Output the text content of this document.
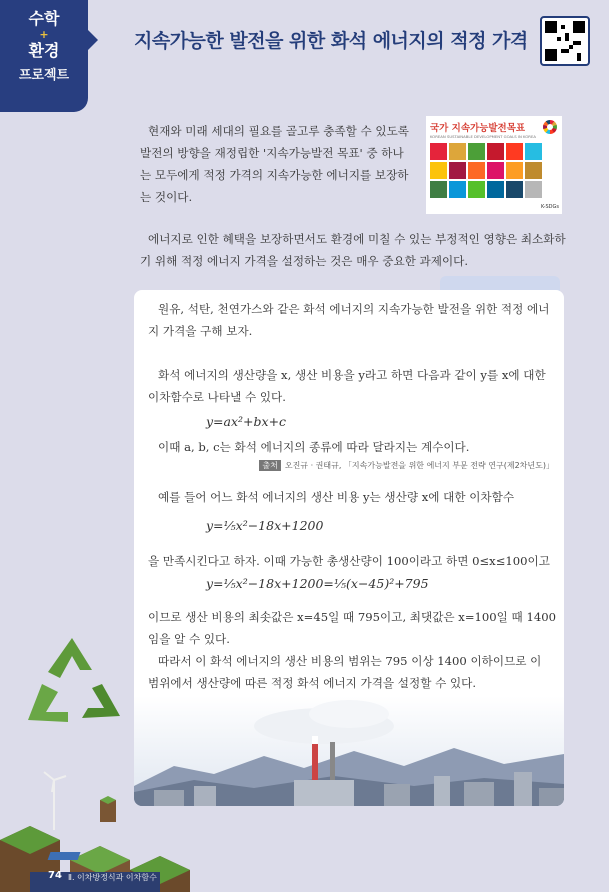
수학
+
환경
프로젝트
지속가능한 발전을 위한 화석 에너지의 적정 가격
현재와 미래 세대의 필요를 골고루 충족할 수 있도록 발전의 방향을 재정립한 '지속가능발전 목표' 중 하나는 모두에게 적정 가격의 지속가능한 에너지를 보장하는 것이다.
국가 지속가능발전목표
KOREAN SUSTAINABLE DEVELOPMENT GOALS IN KOREA
K-SDGs
에너지로 인한 혜택을 보장하면서도 환경에 미칠 수 있는 부정적인 영향은 최소화하기 위해 적정 에너지 가격을 설정하는 것은 매우 중요한 과제이다.
원유, 석탄, 천연가스와 같은 화석 에너지의 지속가능한 발전을 위한 적정 에너지 가격을 구해 보자.
화석 에너지의 생산량을 x, 생산 비용을 y라고 하면 다음과 같이 y를 x에 대한 이차함수로 나타낼 수 있다.
y=ax²+bx+c
이때 a, b, c는 화석 에너지의 종류에 따라 달라지는 계수이다.
출처 오진규 · 권태규, 「지속가능발전을 위한 에너지 부문 전략 연구(제2차년도)」
예를 들어 어느 화석 에너지의 생산 비용 y는 생산량 x에 대한 이차함수
y=⅕x²−18x+1200
을 만족시킨다고 하자. 이때 가능한 총생산량이 100이라고 하면 0≤x≤100이고
y=⅕x²−18x+1200=⅕(x−45)²+795
이므로 생산 비용의 최솟값은 x=45일 때 795이고, 최댓값은 x=100일 때 1400임을 알 수 있다.
따라서 이 화석 에너지의 생산 비용의 범위는 795 이상 1400 이하이므로 이 범위에서 생산량에 따른 적정 화석 에너지 가격을 설정할 수 있다.
74 Ⅱ. 이차방정식과 이차함수
